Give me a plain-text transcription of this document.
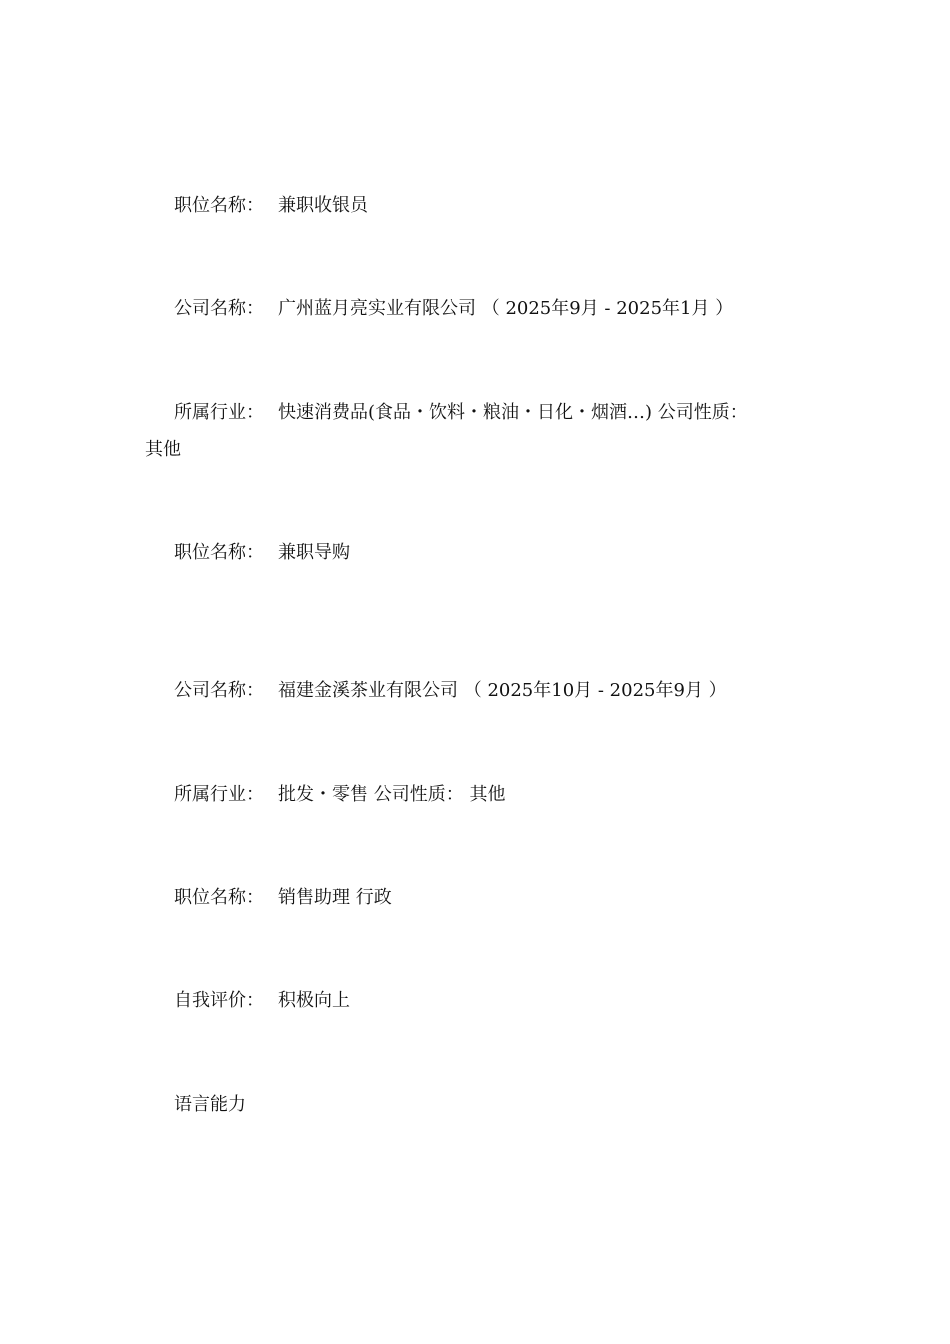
职位名称： 兼职收银员
公司名称： 广州蓝月亮实业有限公司 （ 2025年9月 - 2025年1月 ）
所属行业： 快速消费品(食品・饮料・粮油・日化・烟酒…) 公司性质：
其他
职位名称： 兼职导购
公司名称： 福建金溪茶业有限公司 （ 2025年10月 - 2025年9月 ）
所属行业： 批发・零售 公司性质： 其他
职位名称： 销售助理 行政
自我评价： 积极向上
语言能力
